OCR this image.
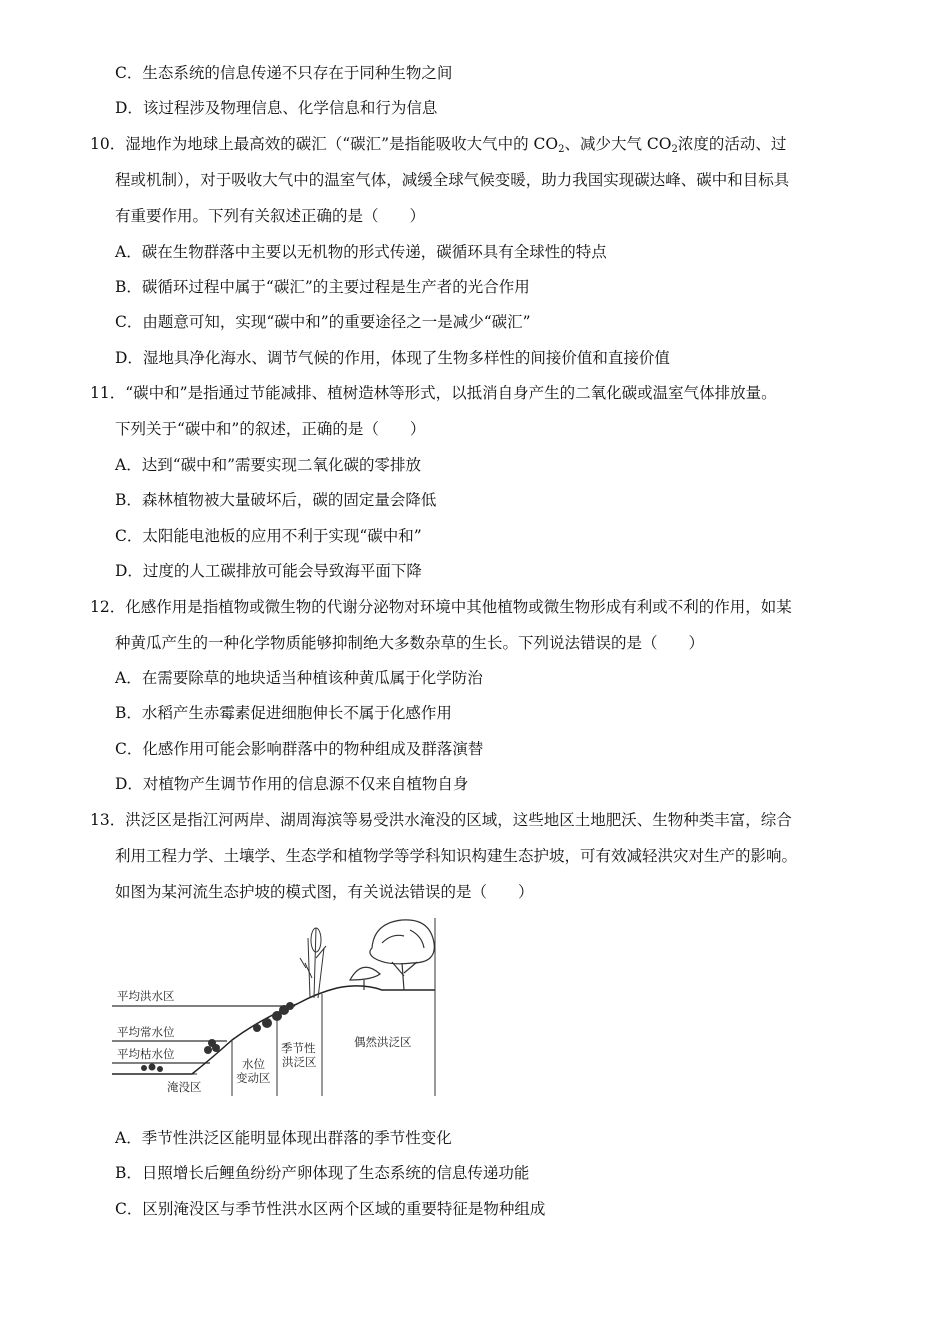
C．生态系统的信息传递不只存在于同种生物之间
D．该过程涉及物理信息、化学信息和行为信息
10．湿地作为地球上最高效的碳汇（“碳汇”是指能吸收大气中的 $CO_2$、减少大气 $CO_2$浓度的活动、过
程或机制），对于吸收大气中的温室气体，减缓全球气候变暖，助力我国实现碳达峰、碳中和目标具
有重要作用。下列有关叙述正确的是（　　）
A．碳在生物群落中主要以无机物的形式传递，碳循环具有全球性的特点
B．碳循环过程中属于“碳汇”的主要过程是生产者的光合作用
C．由题意可知，实现“碳中和”的重要途径之一是减少“碳汇”
D．湿地具净化海水、调节气候的作用，体现了生物多样性的间接价值和直接价值
11．“碳中和”是指通过节能减排、植树造林等形式，以抵消自身产生的二氧化碳或温室气体排放量。
下列关于“碳中和”的叙述，正确的是（　　）
A．达到“碳中和”需要实现二氧化碳的零排放
B．森林植物被大量破坏后，碳的固定量会降低
C．太阳能电池板的应用不利于实现“碳中和”
D．过度的人工碳排放可能会导致海平面下降
12．化感作用是指植物或微生物的代谢分泌物对环境中其他植物或微生物形成有利或不利的作用，如某
种黄瓜产生的一种化学物质能够抑制绝大多数杂草的生长。下列说法错误的是（　　）
A．在需要除草的地块适当种植该种黄瓜属于化学防治
B．水稻产生赤霉素促进细胞伸长不属于化感作用
C．化感作用可能会影响群落中的物种组成及群落演替
D．对植物产生调节作用的信息源不仅来自植物自身
13．洪泛区是指江河两岸、湖周海滨等易受洪水淹没的区域，这些地区土地肥沃、生物种类丰富，综合
利用工程力学、土壤学、生态学和植物学等学科知识构建生态护坡，可有效减轻洪灾对生产的影响。
如图为某河流生态护坡的模式图，有关说法错误的是（　　）
平均洪水区
平均常水位
平均枯水位
淹没区
水位
变动区
季节性
洪泛区
偶然洪泛区
A．季节性洪泛区能明显体现出群落的季节性变化
B．日照增长后鲤鱼纷纷产卵体现了生态系统的信息传递功能
C．区别淹没区与季节性洪水区两个区域的重要特征是物种组成
